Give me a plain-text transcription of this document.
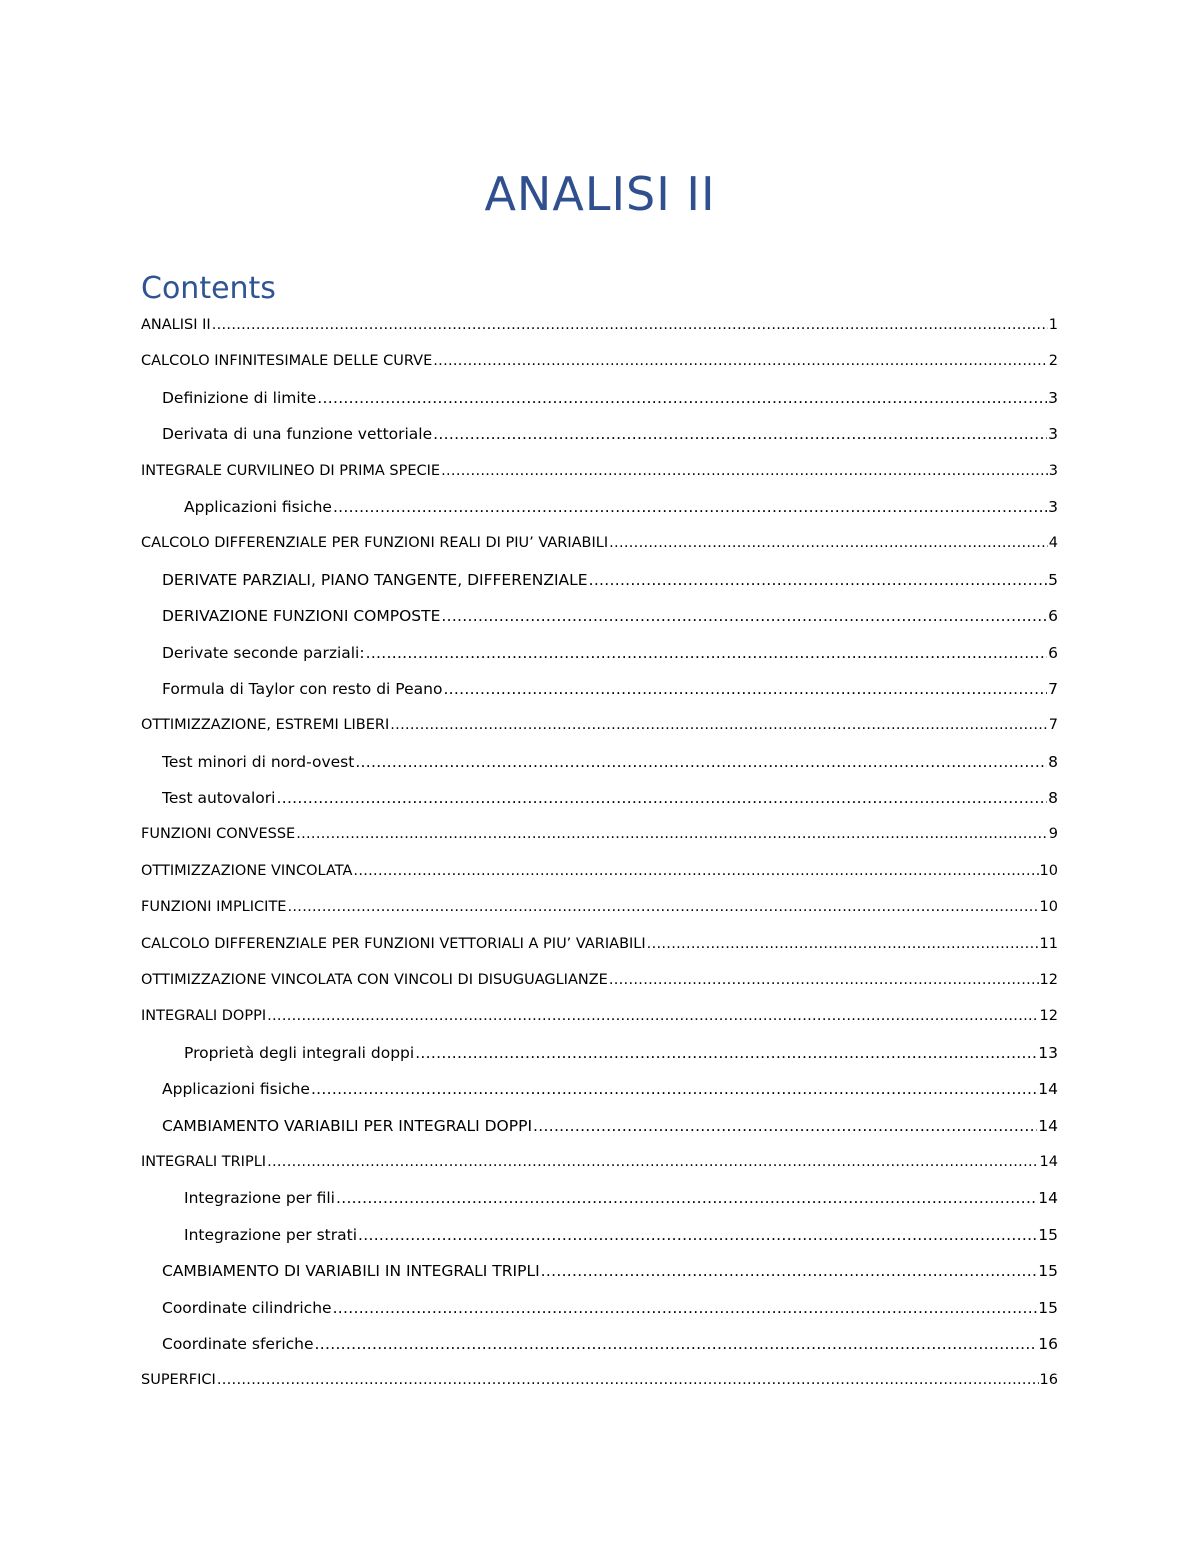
ANALISI II
Contents
ANALISI II .....	1
CALCOLO INFINITESIMALE DELLE CURVE .....	2
Definizione di limite .....	3
Derivata di una funzione vettoriale .....	3
INTEGRALE CURVILINEO DI PRIMA SPECIE .....	3
Applicazioni fisiche .....	3
CALCOLO DIFFERENZIALE PER FUNZIONI REALI DI PIU’ VARIABILI .....	4
DERIVATE PARZIALI, PIANO TANGENTE, DIFFERENZIALE .....	5
DERIVAZIONE FUNZIONI COMPOSTE .....	6
Derivate seconde parziali: .....	6
Formula di Taylor con resto di Peano .....	7
OTTIMIZZAZIONE, ESTREMI LIBERI .....	7
Test minori di nord-ovest .....	8
Test autovalori .....	8
FUNZIONI CONVESSE .....	9
OTTIMIZZAZIONE VINCOLATA .....	10
FUNZIONI IMPLICITE .....	10
CALCOLO DIFFERENZIALE PER FUNZIONI VETTORIALI A PIU’ VARIABILI .....	11
OTTIMIZZAZIONE VINCOLATA CON VINCOLI DI DISUGUAGLIANZE .....	12
INTEGRALI DOPPI .....	12
Proprietà degli integrali doppi .....	13
Applicazioni fisiche .....	14
CAMBIAMENTO VARIABILI PER INTEGRALI DOPPI .....	14
INTEGRALI TRIPLI .....	14
Integrazione per fili .....	14
Integrazione per strati .....	15
CAMBIAMENTO DI VARIABILI IN INTEGRALI TRIPLI .....	15
Coordinate cilindriche .....	15
Coordinate sferiche .....	16
SUPERFICI .....	16
